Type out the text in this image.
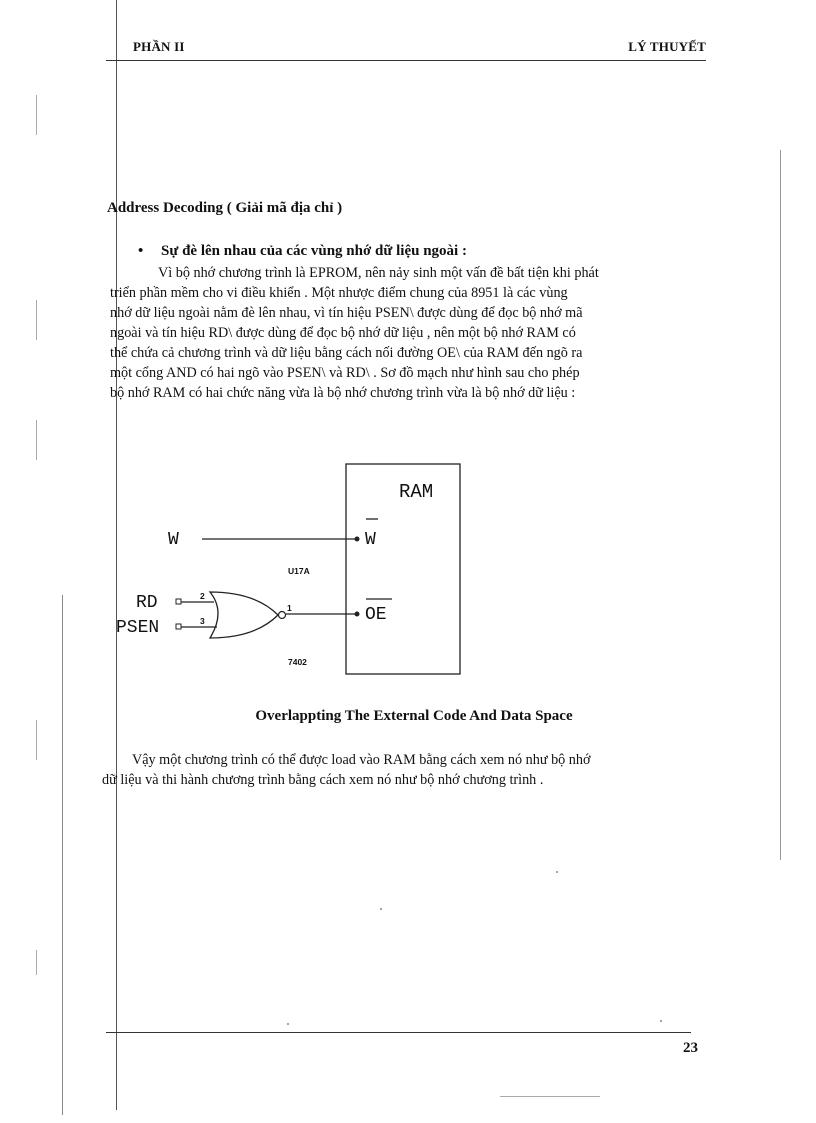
PHẦN II	LÝ THUYẾT
Address Decoding ( Giải mã địa chỉ )
• Sự đè lên nhau của các vùng nhớ dữ liệu ngoài :
Vì bộ nhớ chương trình là EPROM, nên nảy sinh một vấn đề bất tiện khi phát
triển phần mềm cho vi điều khiển . Một nhược điểm chung của 8951 là các vùng
nhớ dữ liệu ngoài nằm đè lên nhau, vì tín hiệu PSEN\ được dùng để đọc bộ nhớ mã
ngoài và tín hiệu RD\ được dùng để đọc bộ nhớ dữ liệu , nên một bộ nhớ RAM có
thể chứa cả chương trình và dữ liệu bằng cách nối đường OE\ của RAM đến ngõ ra
một cổng AND có hai ngõ vào PSEN\ và RD\ . Sơ đồ mạch như hình sau cho phép
bộ nhớ RAM có hai chức năng vừa là bộ nhớ chương trình vừa là bộ nhớ dữ liệu :
RAM
W	W
OE
RD
PSEN
U17A
7402
2
3
1
Overlappting The External Code And Data Space
Vậy một chương trình có thể được load vào RAM bằng cách xem nó như bộ nhớ
dữ liệu và thi hành chương trình bằng cách xem nó như bộ nhớ chương trình .
23
